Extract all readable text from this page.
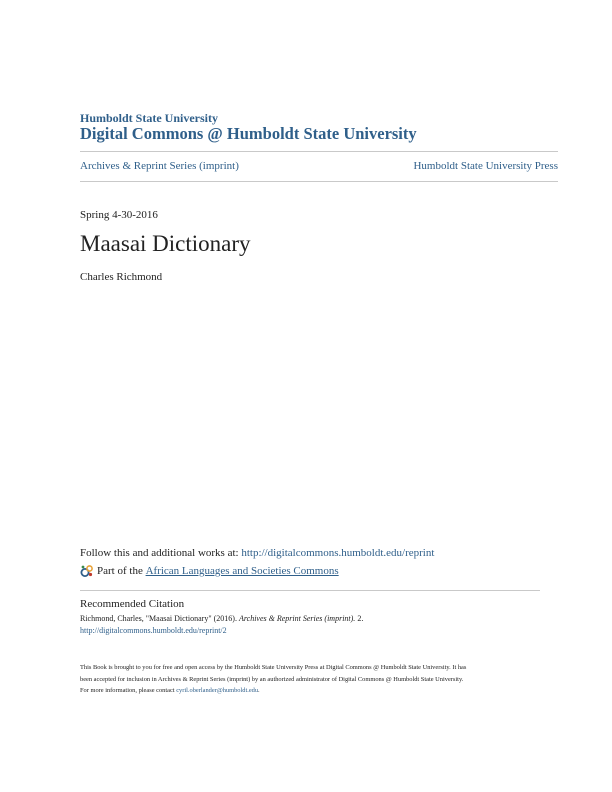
Humboldt State University
Digital Commons @ Humboldt State University
Archives & Reprint Series (imprint)	Humboldt State University Press
Spring 4-30-2016
Maasai Dictionary
Charles Richmond
Follow this and additional works at: http://digitalcommons.humboldt.edu/reprint
Part of the
African Languages and Societies Commons
Recommended Citation
Richmond, Charles, "Maasai Dictionary" (2016). Archives & Reprint Series (imprint). 2.
http://digitalcommons.humboldt.edu/reprint/2
This Book is brought to you for free and open access by the Humboldt State University Press at Digital Commons @ Humboldt State University. It has
been accepted for inclusion in Archives & Reprint Series (imprint) by an authorized administrator of Digital Commons @ Humboldt State University.
For more information, please contact cyril.oberlander@humboldt.edu.
